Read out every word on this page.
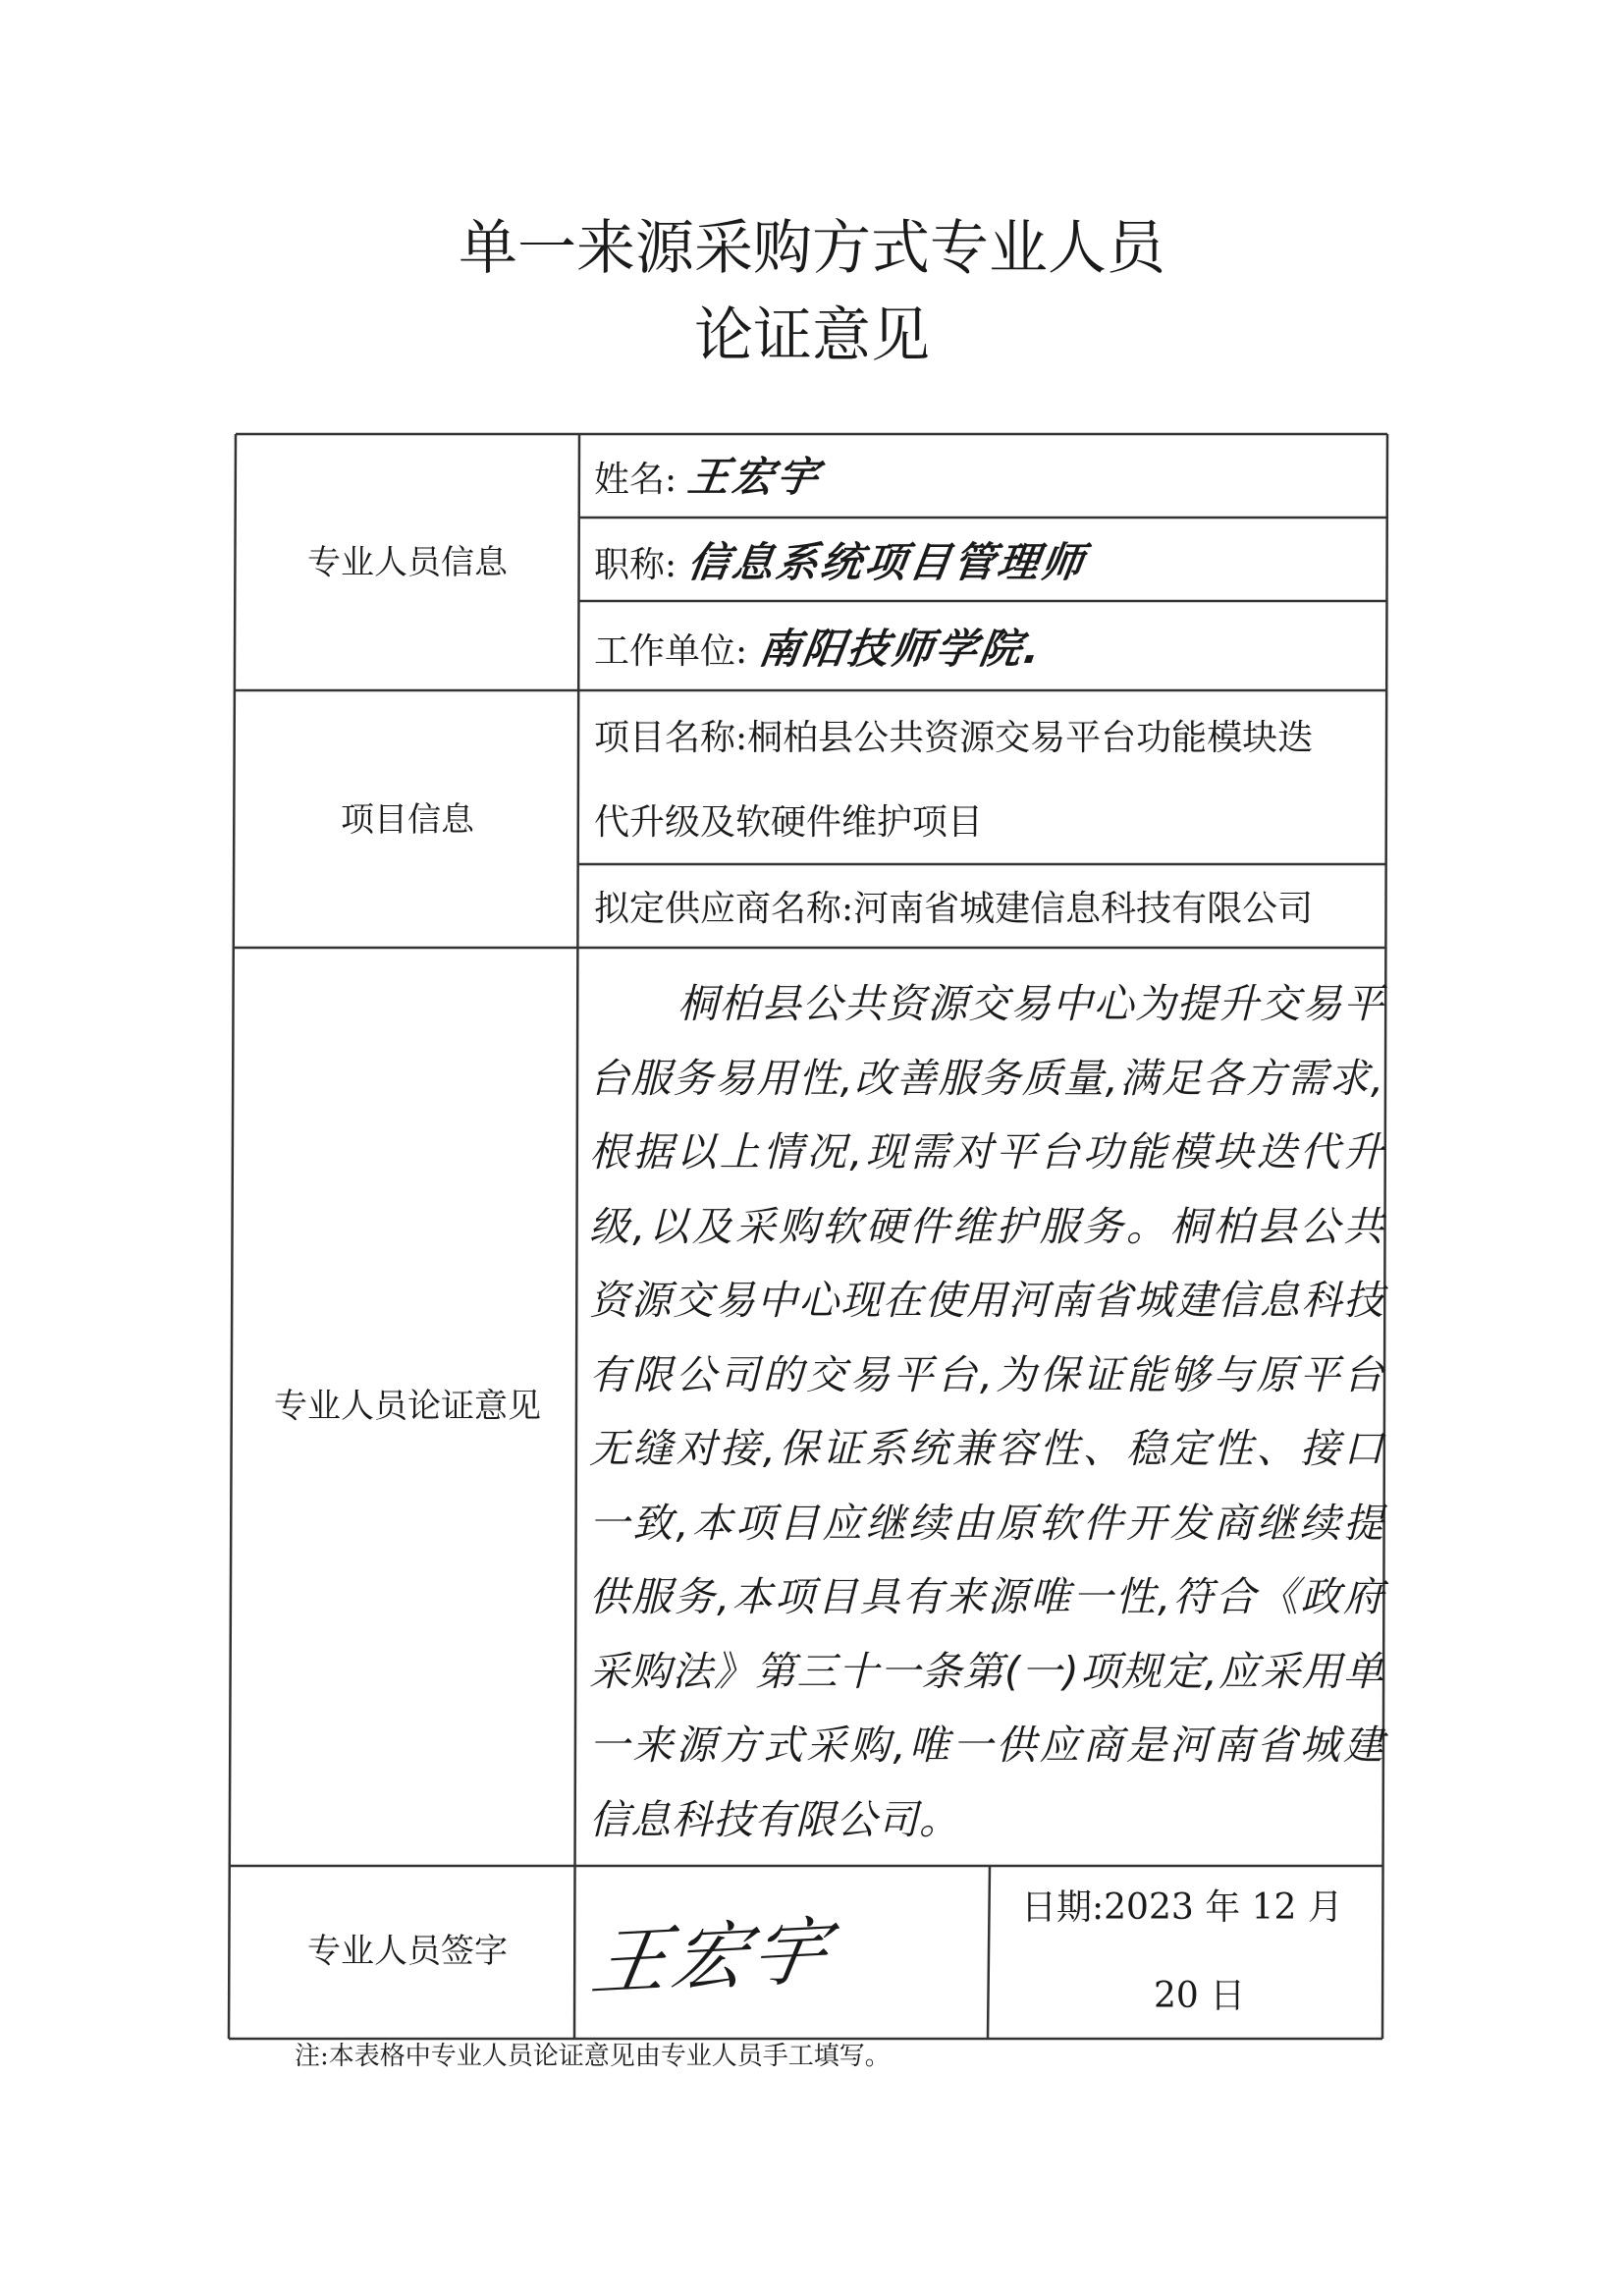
单一来源采购方式专业人员
论证意见
专业人员信息
姓名: 王宏宇
职称: 信息系统项目管理师
工作单位: 南阳技师学院.
项目信息
项目名称:桐柏县公共资源交易平台功能模块迭
代升级及软硬件维护项目
拟定供应商名称:河南省城建信息科技有限公司
专业人员论证意见
桐柏县公共资源交易中心为提升交易平台服务易用性,改善服务质量,满足各方需求,根据以上情况,现需对平台功能模块迭代升级,以及采购软硬件维护服务。桐柏县公共资源交易中心现在使用河南省城建信息科技有限公司的交易平台,为保证能够与原平台无缝对接,保证系统兼容性、稳定性、接口一致,本项目应继续由原软件开发商继续提供服务,本项目具有来源唯一性,符合《政府采购法》第三十一条第(一)项规定,应采用单一来源方式采购,唯一供应商是河南省城建信息科技有限公司。
专业人员签字	王宏宇	日期:2023 年 12 月
20 日
注:本表格中专业人员论证意见由专业人员手工填写。
